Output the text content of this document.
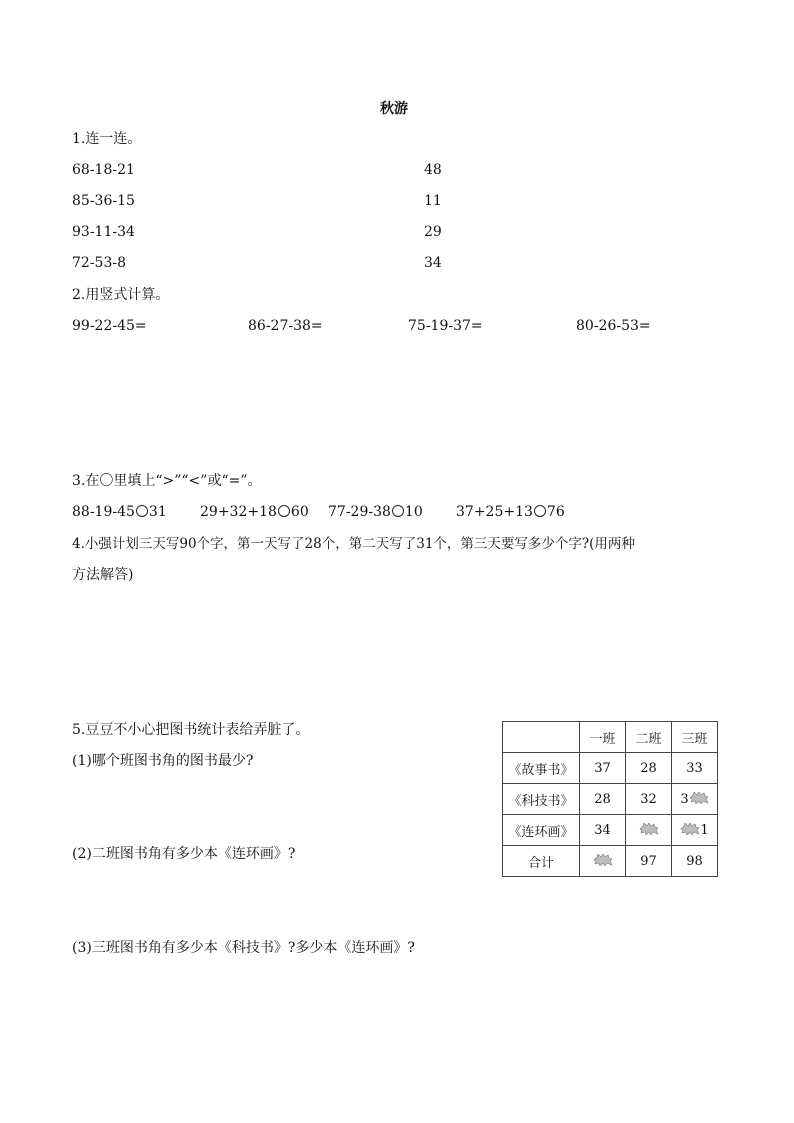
秋游
1.连一连。
68-18-21
85-36-15
93-11-34
72-53-8
48
11
29
34
2.用竖式计算。
99-22-45=	86-27-38=	75-19-37=	80-26-53=
3.在〇里填上“>”“<”或“=”。
88-19-45 31 29+32+18 60 77-29-38 10 37+25+13 76
4.小强计划三天写90个字，第一天写了28个，第二天写了31个，第三天要写多少个字?(用两种
方法解答)
5.豆豆不小心把图书统计表给弄脏了。
(1)哪个班图书角的图书最少?
(2)二班图书角有多少本《连环画》?
(3)三班图书角有多少本《科技书》?多少本《连环画》?
	一班	二班	三班
《故事书》	37	28	33
《科技书》	28	32	3

《连环画》	34		1
合计		97	98
